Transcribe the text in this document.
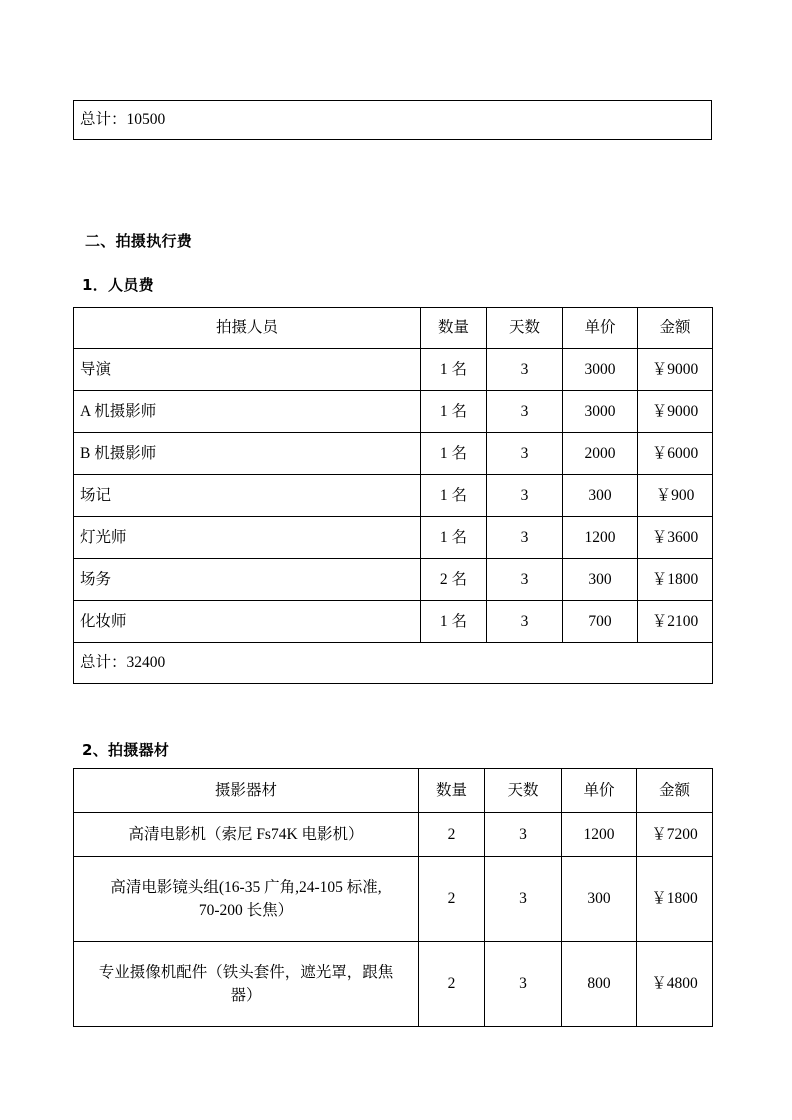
总计：10500
二、拍摄执行费
1．人员费
拍摄人员	数量	天数	单价	金额
导演	1 名	3	3000	￥9000
A 机摄影师	1 名	3	3000	￥9000
B 机摄影师	1 名	3	2000	￥6000
场记	1 名	3	300	￥900
灯光师	1 名	3	1200	￥3600
场务	2 名	3	300	￥1800
化妆师	1 名	3	700	￥2100
总计：32400				
2、拍摄器材
摄影器材	数量	天数	单价	金额
高清电影机（索尼 Fs74K 电影机）	2	3	1200	￥7200

高清电影镜头组(16-35 广角,24-105 标准,
70-200 长焦）	2	3	300	￥1800

专业摄像机配件（铁头套件，遮光罩，跟焦
器）	2	3	800	￥4800
